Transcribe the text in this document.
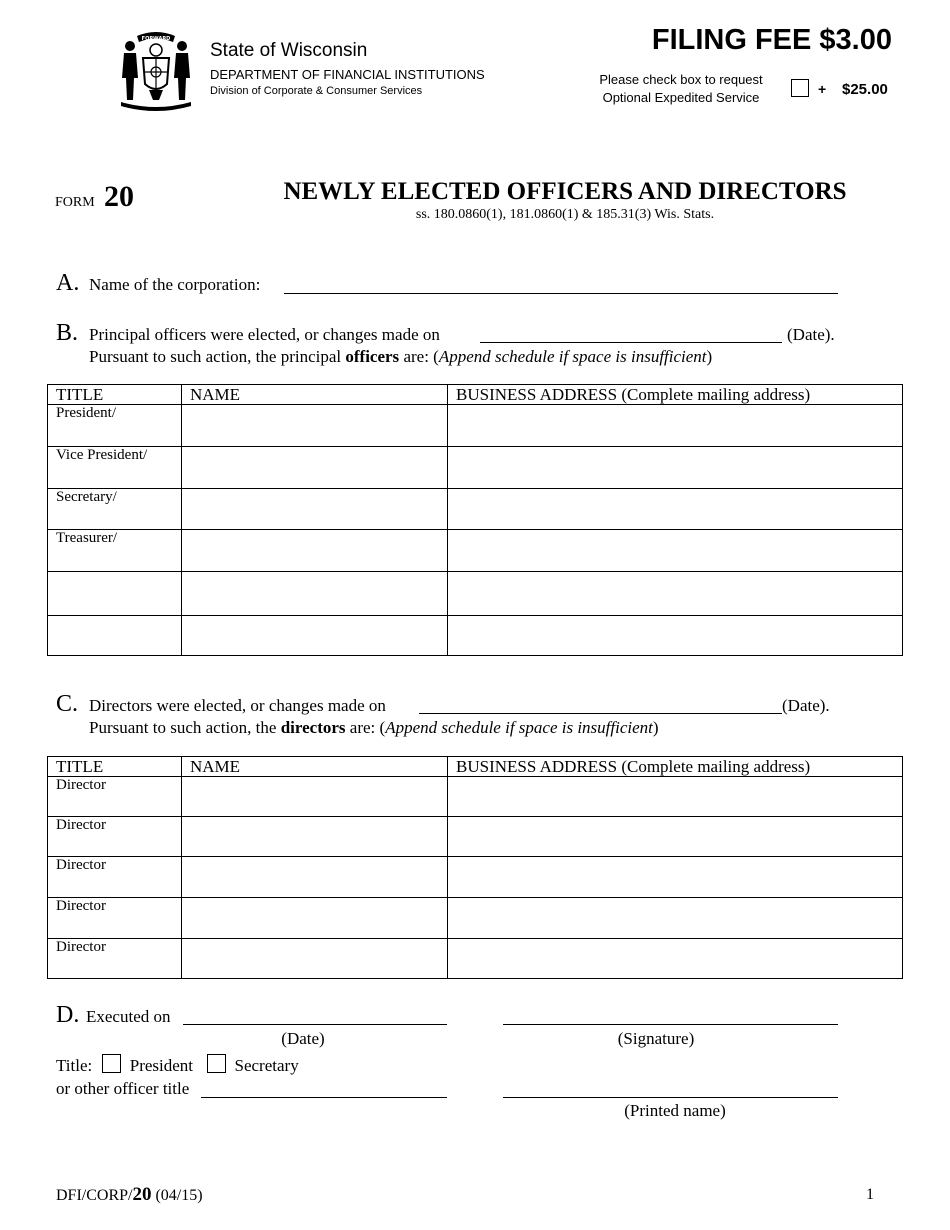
FORWARD
State of Wisconsin
DEPARTMENT OF FINANCIAL INSTITUTIONS
Division of Corporate & Consumer Services
FILING FEE $3.00
Please check box to request
Optional Expedited Service
+ $25.00
FORM 20	NEWLY ELECTED OFFICERS AND DIRECTORS
ss. 180.0860(1), 181.0860(1) & 185.31(3) Wis. Stats.
A. Name of the corporation:
B. Principal officers were elected, or changes made on	(Date).
Pursuant to such action, the principal officers are: (Append schedule if space is insufficient)
TITLE	NAME	BUSINESS ADDRESS (Complete mailing address)
President/		
Vice President/		
Secretary/		
Treasurer/		

C. Directors were elected, or changes made on	(Date).
Pursuant to such action, the directors are: (Append schedule if space is insufficient)
TITLE	NAME	BUSINESS ADDRESS (Complete mailing address)
Director		
Director		
Director		
Director		
Director		
D. Executed on
(Date)	(Signature)
Title: President Secretary
or other officer title
(Printed name)
DFI/CORP/20 (04/15)	1
